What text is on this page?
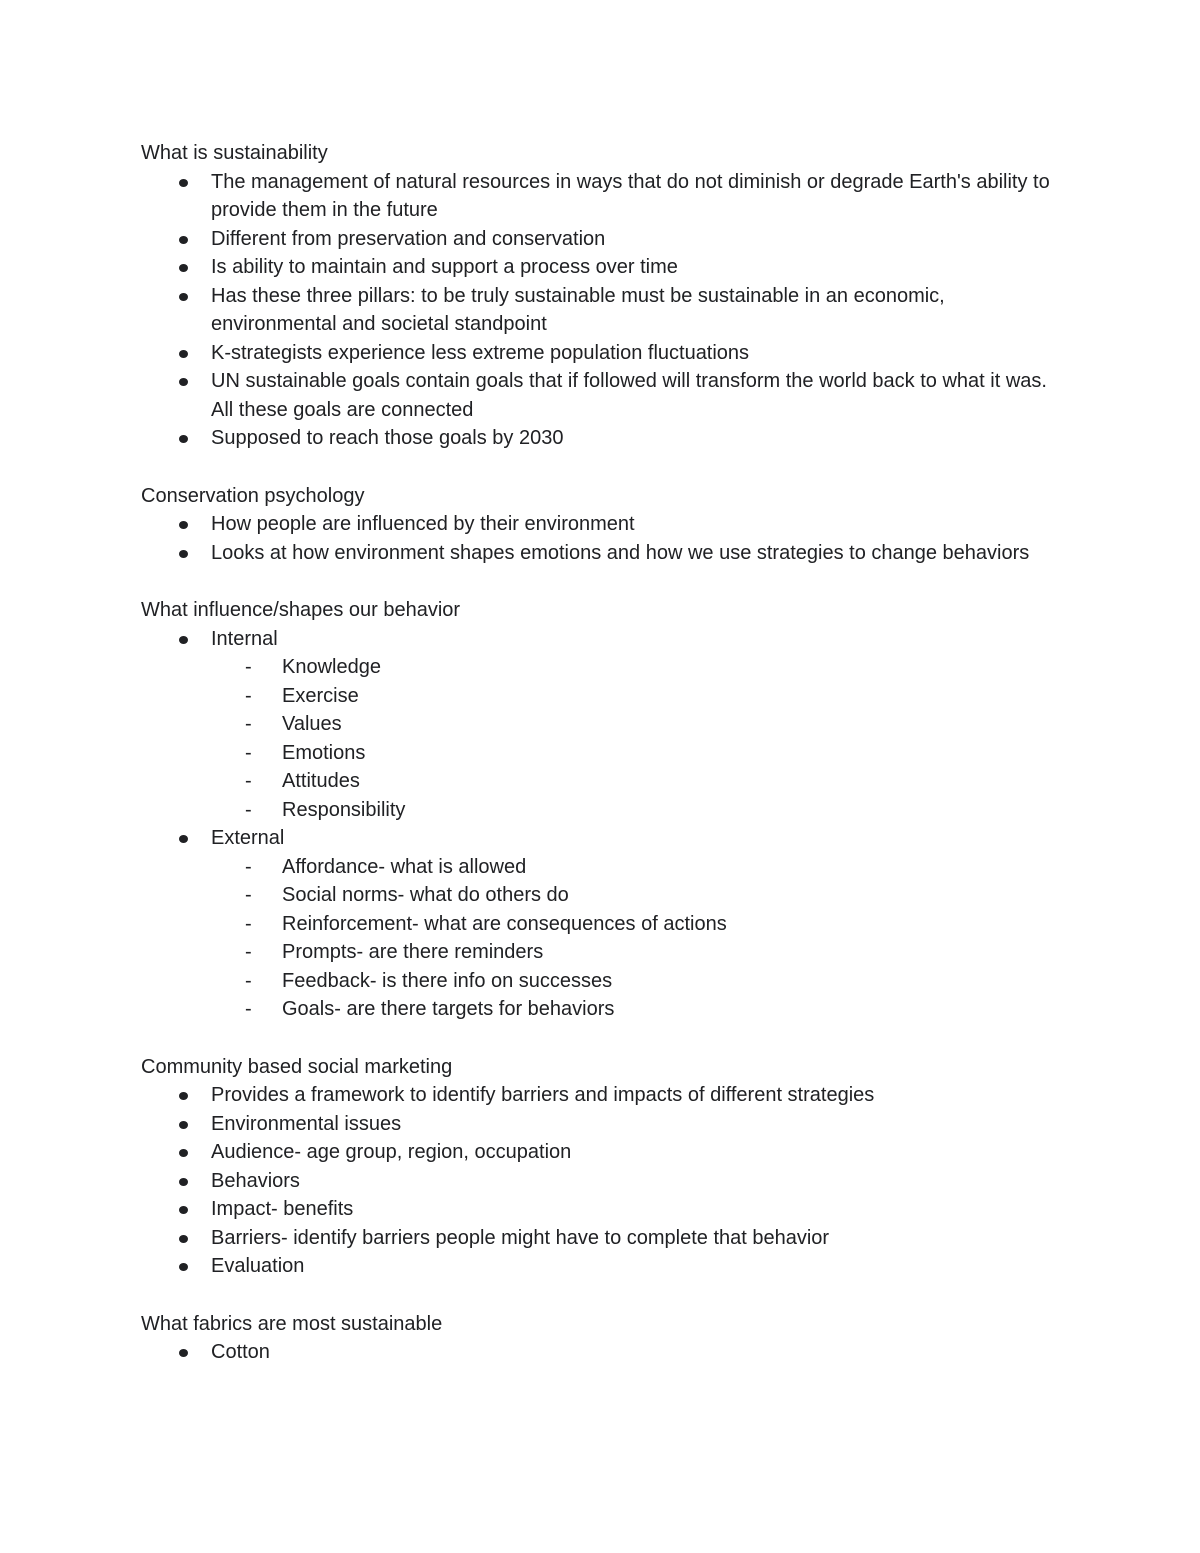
What is sustainability
The management of natural resources in ways that do not diminish or degrade Earth's ability to provide them in the future
Different from preservation and conservation
Is ability to maintain and support a process over time
Has these three pillars: to be truly sustainable must be sustainable in an economic, environmental and societal standpoint
K-strategists experience less extreme population fluctuations
UN sustainable goals contain goals that if followed will transform the world back to what it was. All these goals are connected
Supposed to reach those goals by 2030
Conservation psychology
How people are influenced by their environment
Looks at how environment shapes emotions and how we use strategies to change behaviors
What influence/shapes our behavior
Internal
- Knowledge
- Exercise
- Values
- Emotions
- Attitudes
- Responsibility
External
- Affordance- what is allowed
- Social norms- what do others do
- Reinforcement- what are consequences of actions
- Prompts- are there reminders
- Feedback- is there info on successes
- Goals- are there targets for behaviors
Community based social marketing
Provides a framework to identify barriers and impacts of different strategies
Environmental issues
Audience- age group, region, occupation
Behaviors
Impact- benefits
Barriers- identify barriers people might have to complete that behavior
Evaluation
What fabrics are most sustainable
Cotton
